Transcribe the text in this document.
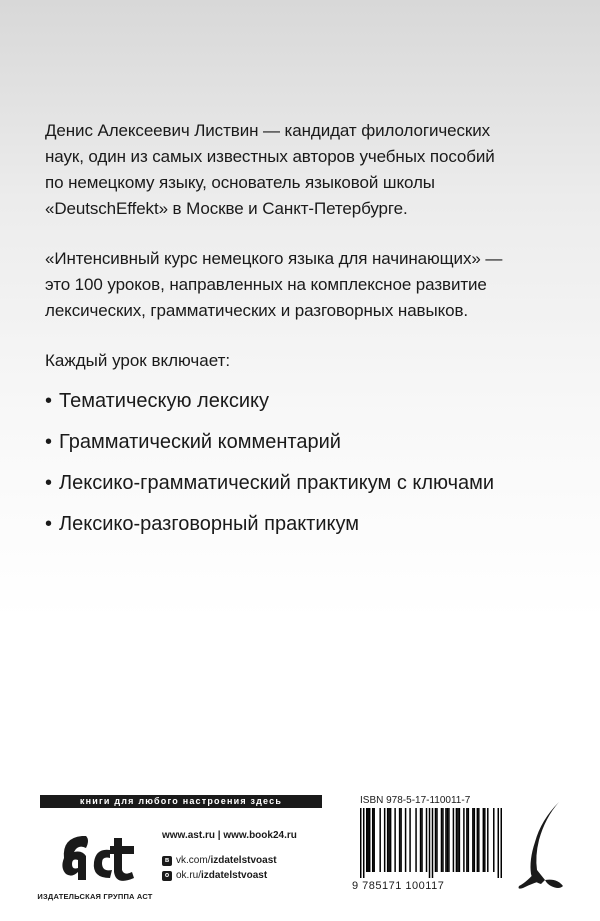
Денис Алексеевич Листвин — кандидат филологических
наук, один из самых известных авторов учебных пособий
по немецкому языку, основатель языковой школы
«DeutschEffekt» в Москве и Санкт-Петербурге.

«Интенсивный курс немецкого языка для начинающих» —
это 100 уроков, направленных на комплексное развитие
лексических, грамматических и разговорных навыков.

Каждый урок включает:

• Тематическую лексику
• Грамматический комментарий
• Лексико-грамматический практикум с ключами
• Лексико-разговорный практикум
книги для любого настроения здесь
ИЗДАТЕЛЬСКАЯ ГРУППА АСТ
www.ast.ru | www.book24.ru
в vk.com/ izdatelstvoast
о ok.ru/ izdatelstvoast
ISBN 978-5-17-110011-7
9 785171 100117
